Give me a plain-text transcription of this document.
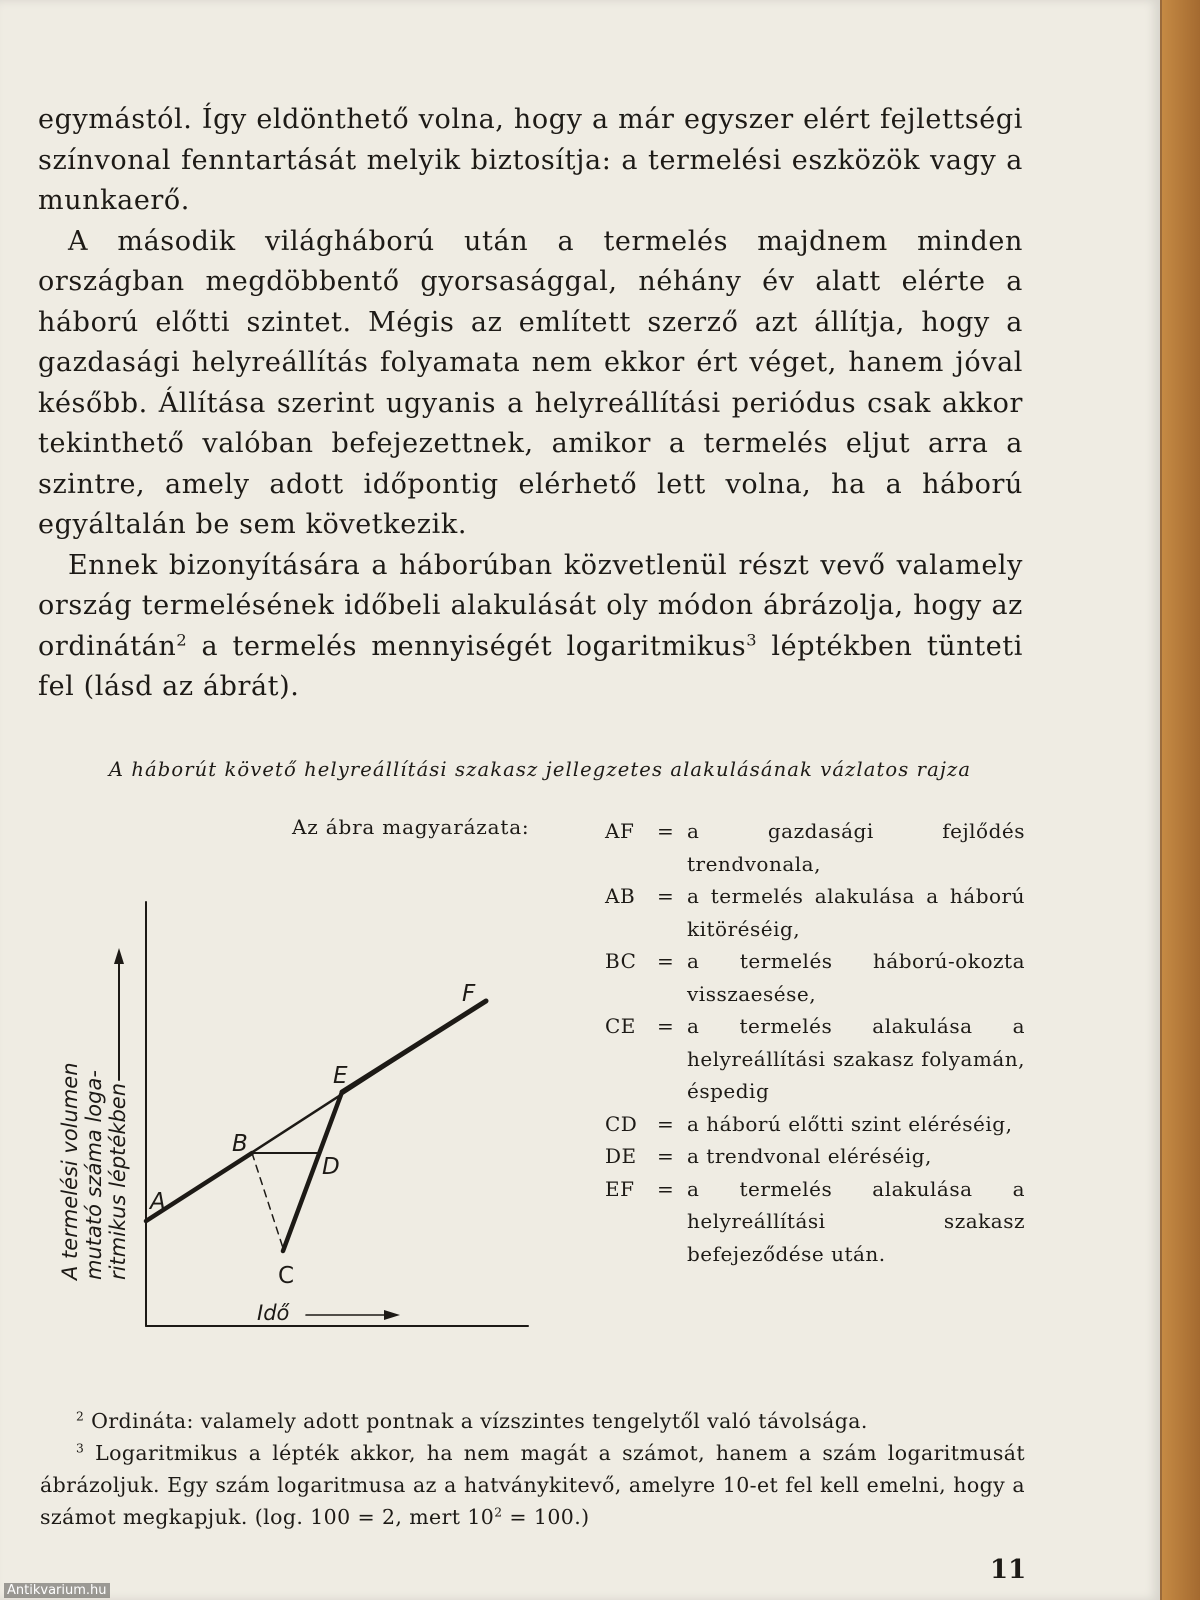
egymástól. Így eldönthető volna, hogy a már egyszer elért fejlettségi színvonal fenntartását melyik biztosítja: a termelési eszközök vagy a munkaerő.

A második világháború után a termelés majdnem minden országban megdöbbentő gyorsasággal, néhány év alatt elérte a háború előtti szintet. Mégis az említett szerző azt állítja, hogy a gazdasági helyreállítás folyamata nem ekkor ért véget, hanem jóval később. Állítása szerint ugyanis a helyreállítási periódus csak akkor tekinthető valóban befejezettnek, amikor a termelés eljut arra a szintre, amely adott időpontig elérhető lett volna, ha a háború egyáltalán be sem következik.

Ennek bizonyítására a háborúban közvetlenül részt vevő valamely ország termelésének időbeli alakulását oly módon ábrázolja, hogy az ordinátán$^2$ a termelés mennyiségét logaritmikus$^3$ léptékben tünteti fel (lásd az ábrát).

A háborút követő helyreállítási szakasz jellegzetes alakulásának vázlatos rajza
Az ábra magyarázata:	AF	= a gazdasági fejlődés trendvonala,
AB	= a termelés alakulása a háború kitöréséig,
BC	= a termelés háború-okozta visszaesése,
CE	= a termelés alakulása a helyreállítási szakasz folyamán, éspedig
CD = a háború előtti szint eléréséig,
DE	= a trendvonal eléréséig,
EF	= a termelés alakulása a helyreállítási szakasz befejeződése után.
A
B
C
D
E
F
Idő
A termelési volumen mutató száma loga- ritmikus léptékben

$^2$ Ordináta: valamely adott pontnak a vízszintes tengelytől való távolsága.

$^3$ Logaritmikus a lépték akkor, ha nem magát a számot, hanem a szám logaritmusát ábrázoljuk. Egy szám logaritmusa az a hatványkitevő, amelyre 10-et fel kell emelni, hogy a számot megkapjuk. (log. 100 = 2, mert $10^2 = 100$.)

11
Antikvarium.hu
